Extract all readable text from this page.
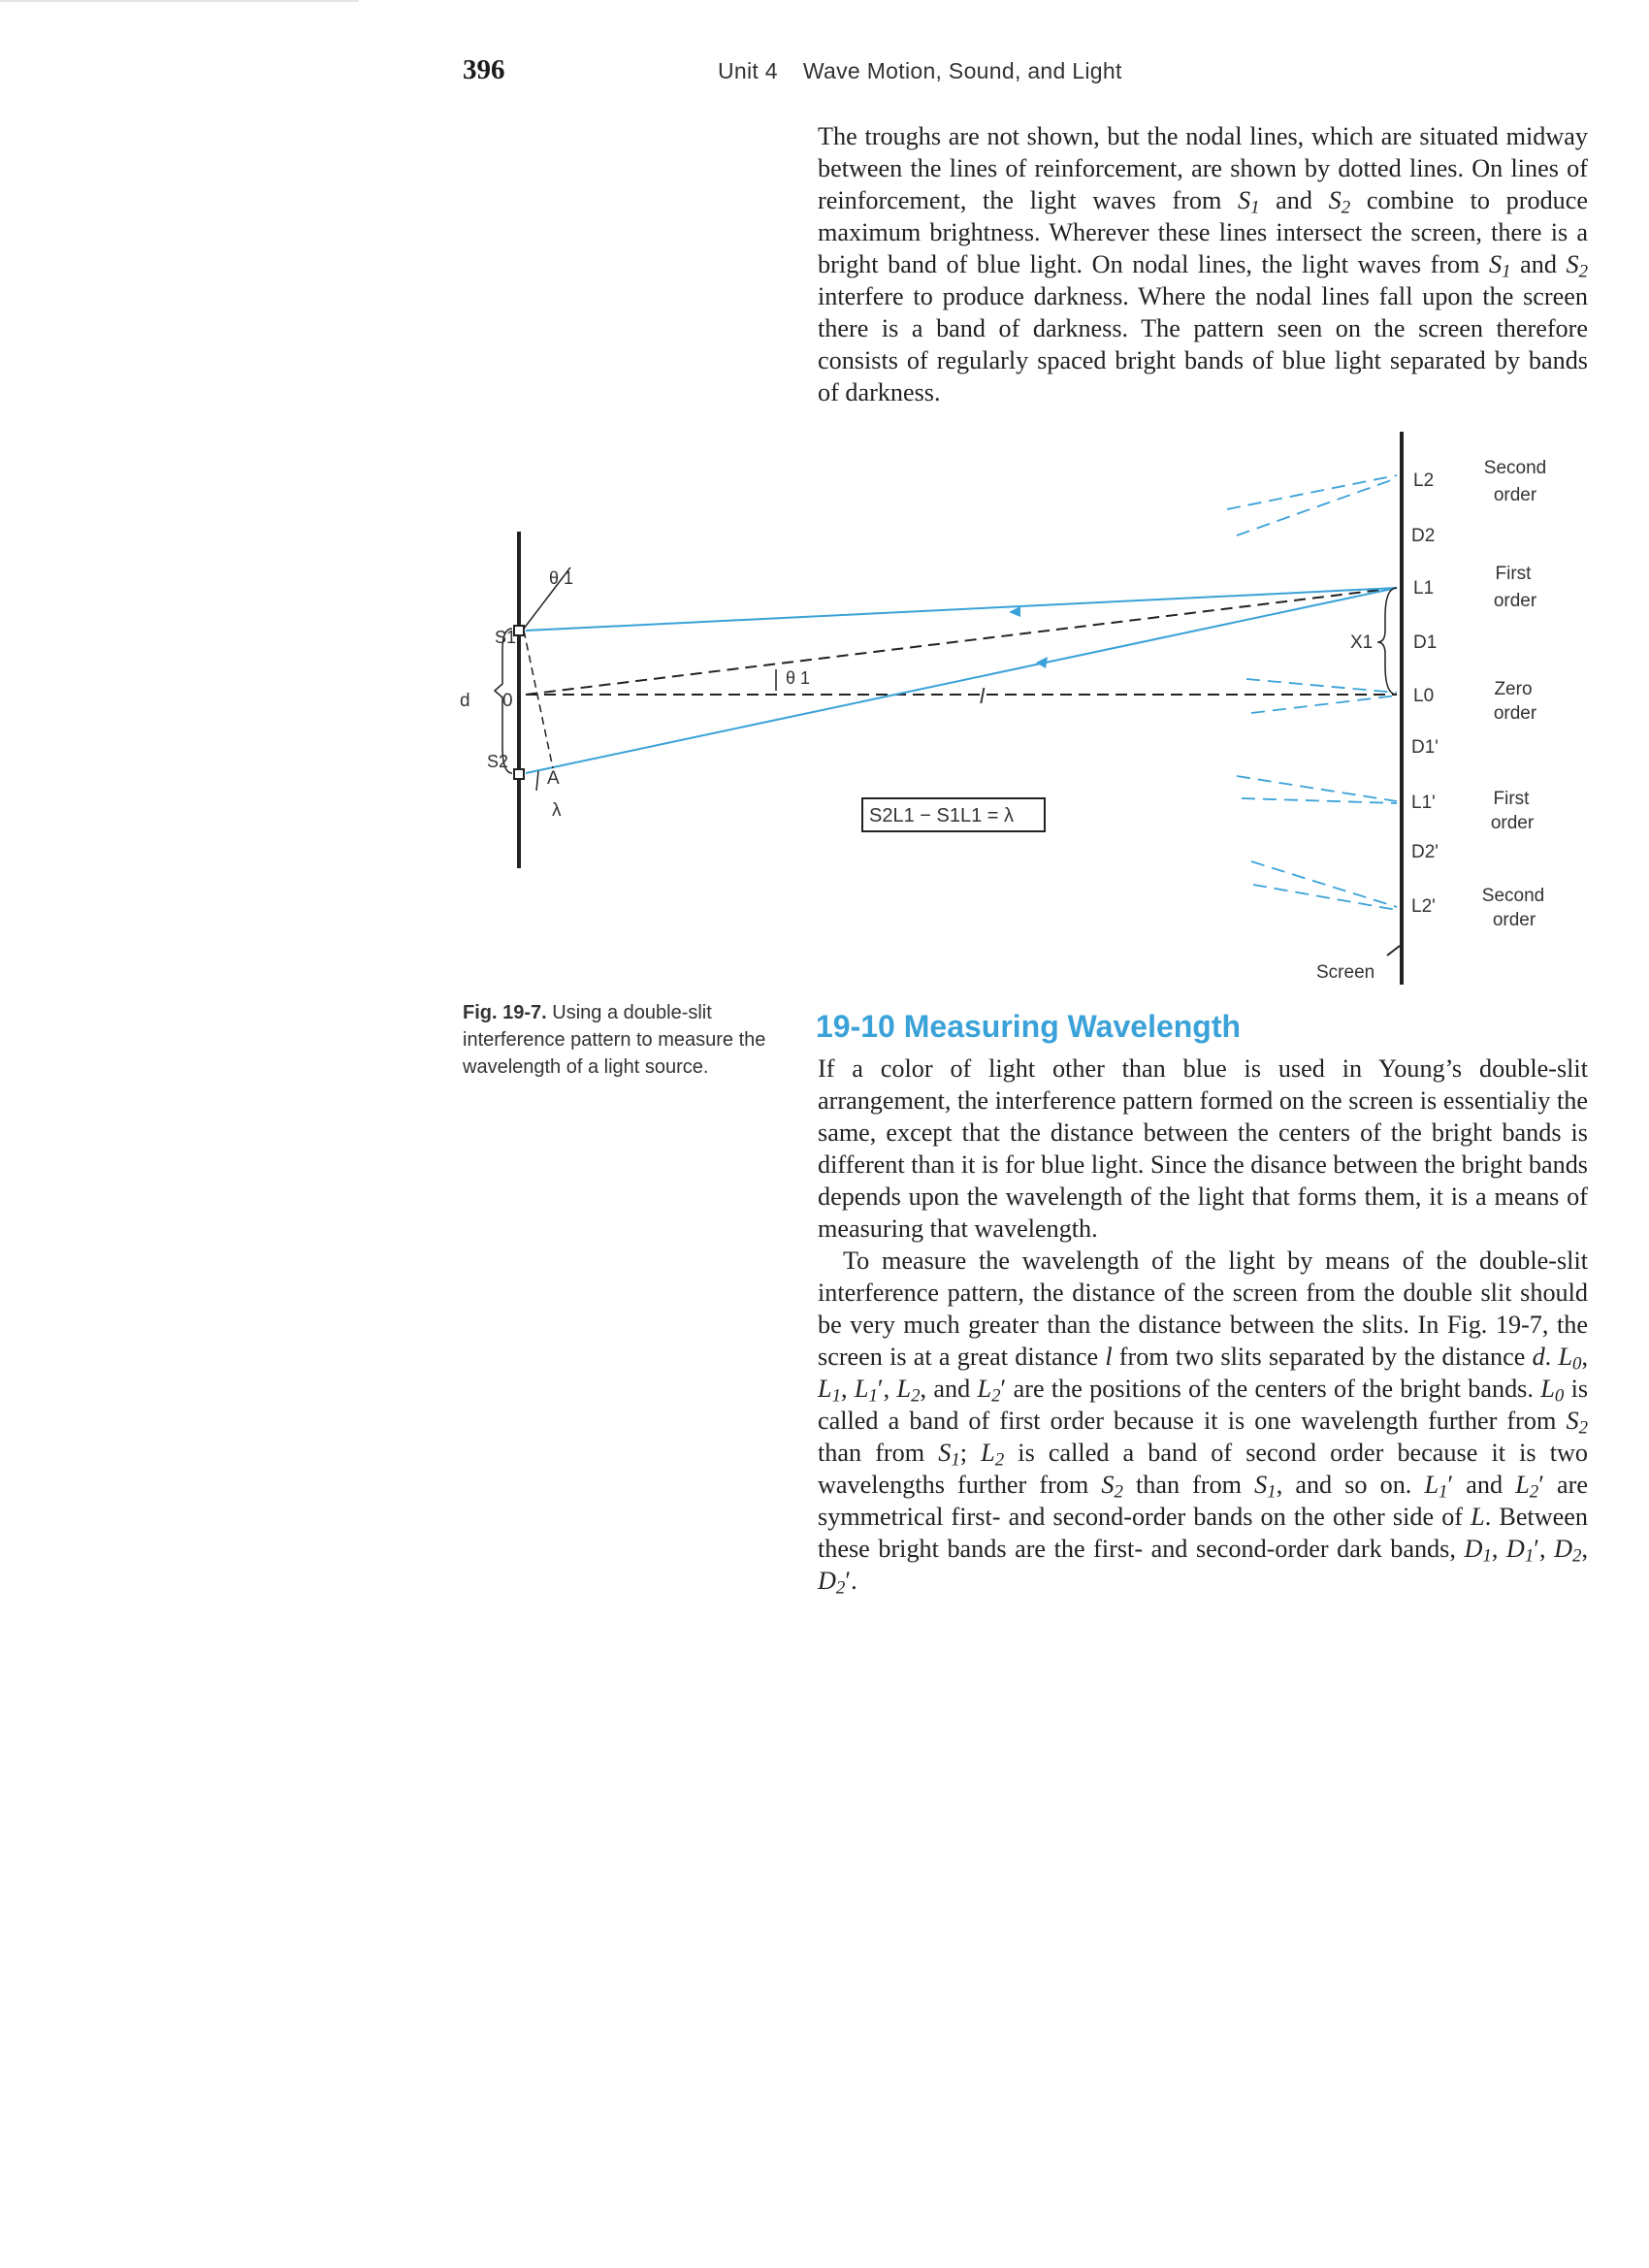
396	Unit 4 Wave Motion, Sound, and Light

The troughs are not shown, but the nodal lines, which are situated midway between the lines of reinforcement, are shown by dotted lines. On lines of reinforcement, the light waves from $S_1$ and $S_2$ combine to produce maximum brightness. Wherever these lines intersect the screen, there is a bright band of blue light. On nodal lines, the light waves from $S_1$ and $S_2$ interfere to produce darkness. Where the nodal lines fall upon the screen there is a band of darkness. The pattern seen on the screen therefore consists of regularly spaced bright bands of blue light separated by bands of darkness.

θ 1
θ 1
S1
S2
d 0
A
λ
l
X1
S2L1 − S1L1 = λ
Screen
L2
D2
L1
D1
L0
D1'
L1'
D2'
L2'
Second
order
First
order
Zero
order
First
order
Second
order
Fig. 19-7. Using a double-slit interference pattern to measure the wavelength of a light source.
19-10 Measuring Wavelength

If a color of light other than blue is used in Young’s double-slit arrangement, the interference pattern formed on the screen is essentialiy the same, except that the distance between the centers of the bright bands is different than it is for blue light. Since the disance between the bright bands depends upon the wavelength of the light that forms them, it is a means of measuring that wavelength.

To measure the wavelength of the light by means of the double-slit interference pattern, the distance of the screen from the double slit should be very much greater than the distance between the slits. In Fig. 19-7, the screen is at a great distance l from two slits separated by the distance d. $L_0$, $L_1$, $L_1'$, $L_2$, and $L_2'$ are the positions of the centers of the bright bands. $L_0$ is called a band of first order because it is one wavelength further from $S_2$ than from $S_1$; $L_2$ is called a band of second order because it is two wavelengths further from $S_2$ than from $S_1$, and so on. $L_1'$ and $L_2'$ are symmetrical first- and second-order bands on the other side of L. Between these bright bands are the first- and second-order dark bands, $D_1$, $D_1'$, $D_2$, $D_2'$.
